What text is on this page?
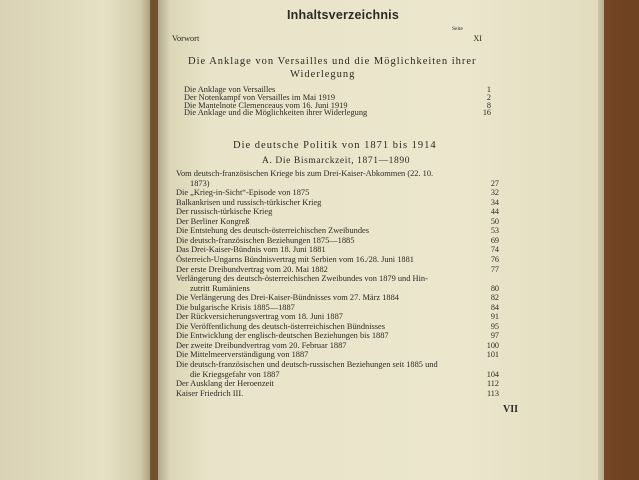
Inhaltsverzeichnis
Seite
Vorwort	XI
Die Anklage von Versailles und die Möglichkeiten ihrer
Widerlegung
Die Anklage von Versailles	1
Der Notenkampf von Versailles im Mai 1919	2
Die Mantelnote Clemenceaus vom 16. Juni 1919	8
Die Anklage und die Möglichkeiten ihrer Widerlegung	16
Die deutsche Politik von 1871 bis 1914
A. Die Bismarckzeit, 1871—1890
Vom deutsch-französischen Kriege bis zum Drei-Kaiser-Abkommen (22. 10.
1873)	27
Die „Krieg-in-Sicht“-Episode von 1875	32
Balkankrisen und russisch-türkischer Krieg	34
Der russisch-türkische Krieg	44
Der Berliner Kongreß	50
Die Entstehung des deutsch-österreichischen Zweibundes	53
Die deutsch-französischen Beziehungen 1875—1885	69
Das Drei-Kaiser-Bündnis vom 18. Juni 1881	74
Österreich-Ungarns Bündnisvertrag mit Serbien vom 16./28. Juni 1881	76
Der erste Dreibundvertrag vom 20. Mai 1882	77
Verlängerung des deutsch-österreichischen Zweibundes von 1879 und Hin-
zutritt Rumäniens	80
Die Verlängerung des Drei-Kaiser-Bündnisses vom 27. März 1884	82
Die bulgarische Krisis 1885—1887	84
Der Rückversicherungsvertrag vom 18. Juni 1887	91
Die Veröffentlichung des deutsch-österreichischen Bündnisses	95
Die Entwicklung der englisch-deutschen Beziehungen bis 1887	97
Der zweite Dreibundvertrag vom 20. Februar 1887	100
Die Mittelmeerverständigung von 1887	101
Die deutsch-französischen und deutsch-russischen Beziehungen seit 1885 und
die Kriegsgefahr von 1887	104
Der Ausklang der Heroenzeit	112
Kaiser Friedrich III.	113
VII
